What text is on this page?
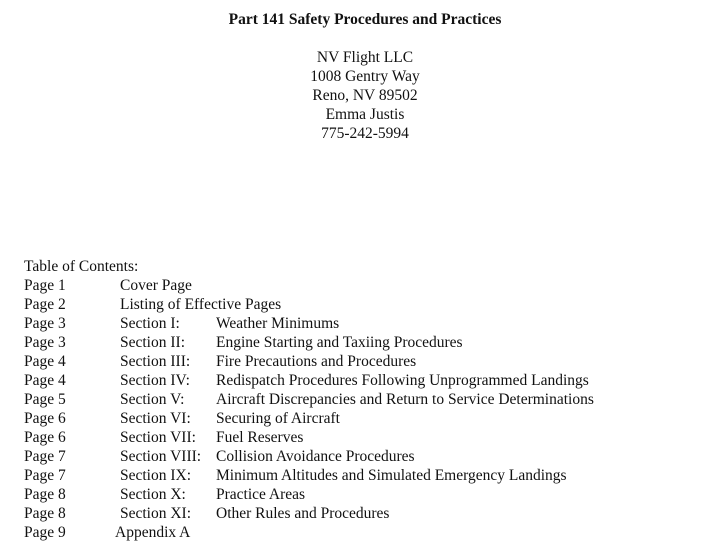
Part 141 Safety Procedures and Practices
NV Flight LLC
1008 Gentry Way
Reno, NV 89502
Emma Justis
775-242-5994
Table of Contents:
Page 1	Cover Page
Page 2	Listing of Effective Pages
Page 3	Section I: Weather Minimums
Page 3	Section II: Engine Starting and Taxiing Procedures
Page 4	Section III: Fire Precautions and Procedures
Page 4	Section IV: Redispatch Procedures Following Unprogrammed Landings
Page 5	Section V: Aircraft Discrepancies and Return to Service Determinations
Page 6	Section VI: Securing of Aircraft
Page 6	Section VII: Fuel Reserves
Page 7	Section VIII: Collision Avoidance Procedures
Page 7	Section IX: Minimum Altitudes and Simulated Emergency Landings
Page 8	Section X: Practice Areas
Page 8	Section XI: Other Rules and Procedures
Page 9	Appendix A
